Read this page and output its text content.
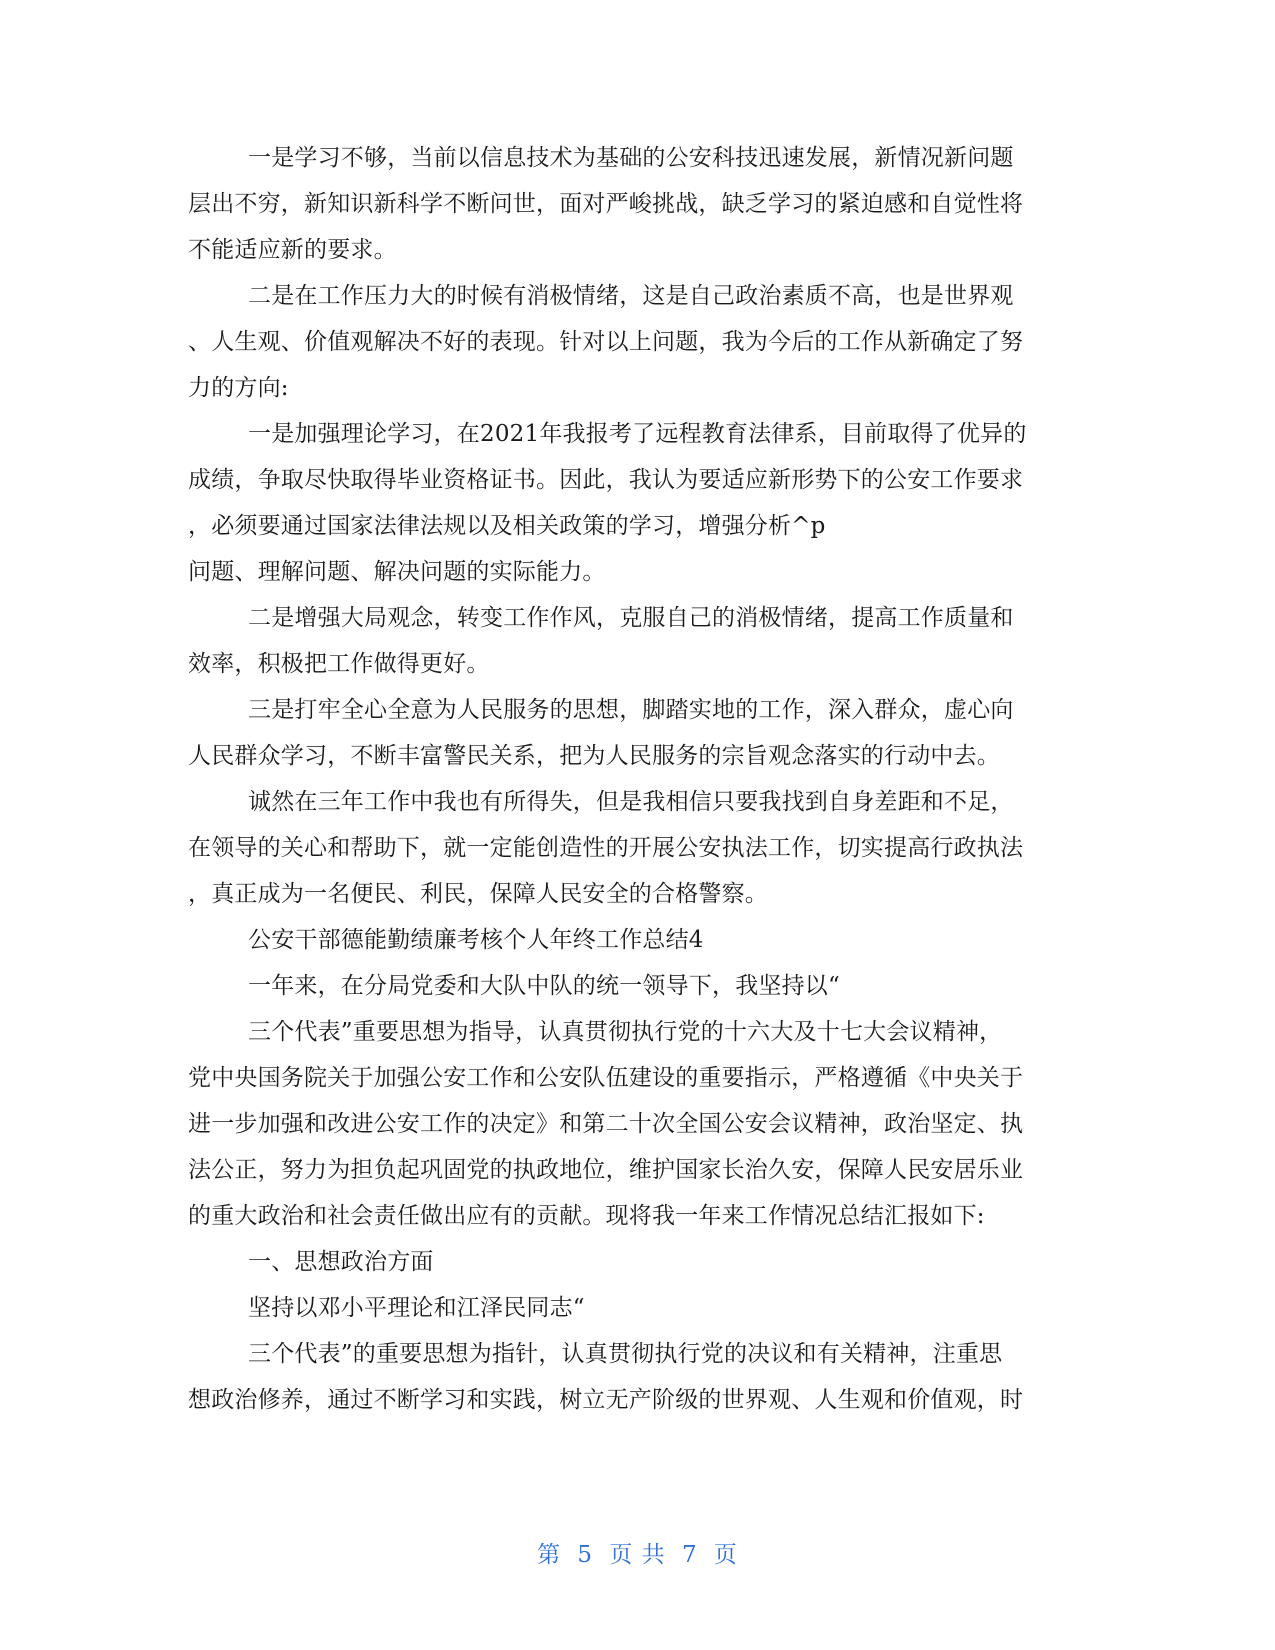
一是学习不够，当前以信息技术为基础的公安科技迅速发展，新情况新问题
层出不穷，新知识新科学不断问世，面对严峻挑战，缺乏学习的紧迫感和自觉性将
不能适应新的要求。
二是在工作压力大的时候有消极情绪，这是自己政治素质不高，也是世界观
、人生观、价值观解决不好的表现。针对以上问题，我为今后的工作从新确定了努
力的方向:
一是加强理论学习，在2021年我报考了远程教育法律系，目前取得了优异的
成绩，争取尽快取得毕业资格证书。因此，我认为要适应新形势下的公安工作要求
，必须要通过国家法律法规以及相关政策的学习，增强分析^p
问题、理解问题、解决问题的实际能力。
二是增强大局观念，转变工作作风，克服自己的消极情绪，提高工作质量和
效率，积极把工作做得更好。
三是打牢全心全意为人民服务的思想，脚踏实地的工作，深入群众，虚心向
人民群众学习，不断丰富警民关系，把为人民服务的宗旨观念落实的行动中去。
诚然在三年工作中我也有所得失，但是我相信只要我找到自身差距和不足，
在领导的关心和帮助下，就一定能创造性的开展公安执法工作，切实提高行政执法
，真正成为一名便民、利民，保障人民安全的合格警察。
公安干部德能勤绩廉考核个人年终工作总结4
一年来，在分局党委和大队中队的统一领导下，我坚持以“
三个代表”重要思想为指导，认真贯彻执行党的十六大及十七大会议精神，
党中央国务院关于加强公安工作和公安队伍建设的重要指示，严格遵循《中央关于
进一步加强和改进公安工作的决定》和第二十次全国公安会议精神，政治坚定、执
法公正，努力为担负起巩固党的执政地位，维护国家长治久安，保障人民安居乐业
的重大政治和社会责任做出应有的贡献。现将我一年来工作情况总结汇报如下:
一、思想政治方面
坚持以邓小平理论和江泽民同志“
三个代表”的重要思想为指针，认真贯彻执行党的决议和有关精神，注重思
想政治修养，通过不断学习和实践，树立无产阶级的世界观、人生观和价值观，时
第 5 页 共 7 页
